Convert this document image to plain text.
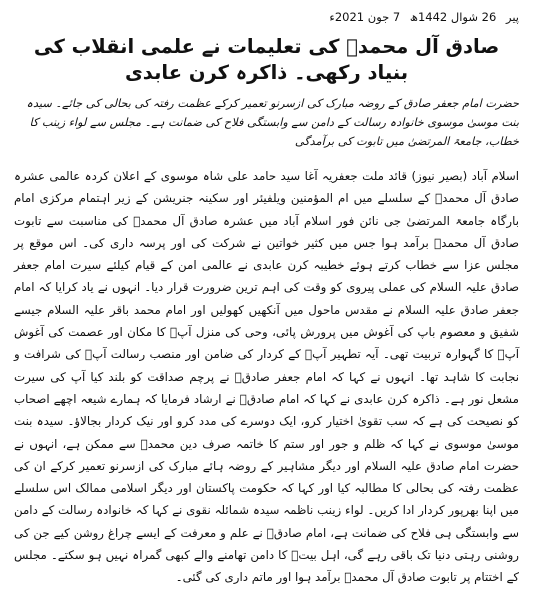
پیر 26 شوال 1442ھ 7 جون 2021ء
صادق آل محمدؐ کی تعلیمات نے علمی انقلاب کی بنیاد رکھی۔ ذاکرہ کرن عابدی
حضرت امام جعفر صادق کے روضہ مبارک کی ازسرنو تعمیر کرکے عظمت رفتہ کی بحالی کی جائے۔ سیدہ بنت موسیٰ موسوی خانوادہ رسالت کے دامن سے وابستگی فلاح کی ضمانت ہے۔ مجلس سے لواء زینب کا خطاب، جامعۃ المرتضیٰ میں تابوت کی برآمدگی

اسلام آباد (بصیر نیوز) قائد ملت جعفریہ آغا سید حامد علی شاہ موسوی کے اعلان کردہ عالمی عشرہ صادق آل محمدؐ کے سلسلے میں ام المؤمنین ویلفیئر اور سکینہ جنریشن کے زیر اہتمام مرکزی امام بارگاہ جامعۃ المرتضیٰ جی نائن فور اسلام آباد میں عشرہ صادق آل محمدؐ کی مناسبت سے تابوت صادق آل محمدؐ برآمد ہوا جس میں کثیر خواتین نے شرکت کی اور پرسہ داری کی۔ اس موقع پر مجلس عزا سے خطاب کرتے ہوئے خطیبہ کرن عابدی نے عالمی امن کے قیام کیلئے سیرت امام جعفر صادق علیہ السلام کی عملی پیروی کو وقت کی اہم ترین ضرورت قرار دیا۔ انہوں نے یاد کرایا کہ امام جعفر صادق علیہ السلام نے مقدس ماحول میں آنکھیں کھولیں اور امام محمد باقر علیہ السلام جیسے شفیق و معصوم باپ کی آغوش میں پرورش پائی، وحی کی منزل آپؑ کا مکان اور عصمت کی آغوش آپؑ کا گہوارہ تربیت تھی۔ آیہ تطہیر آپؑ کے کردار کی ضامن اور منصب رسالت آپؑ کی شرافت و نجابت کا شاہد تھا۔ انہوں نے کہا کہ امام جعفر صادقؑ نے پرچم صداقت کو بلند کیا آپ کی سیرت مشعل نور ہے۔ ذاکرہ کرن عابدی نے کہا کہ امام صادقؑ نے ارشاد فرمایا کہ ہمارے شیعہ اچھے اصحاب کو نصیحت کی ہے کہ سب تقویٰ اختیار کرو، ایک دوسرے کی مدد کرو اور نیک کردار بجالاؤ۔ سیدہ بنت موسیٰ موسوی نے کہا کہ ظلم و جور اور ستم کا خاتمہ صرف دین محمدؐ سے ممکن ہے، انہوں نے حضرت امام صادق علیہ السلام اور دیگر مشاہیر کے روضہ ہائے مبارک کی ازسرنو تعمیر کرکے ان کی عظمت رفتہ کی بحالی کا مطالبہ کیا اور کہا کہ حکومت پاکستان اور دیگر اسلامی ممالک اس سلسلے میں اپنا بھرپور کردار ادا کریں۔ لواء زینب ناظمہ سیدہ شمائلہ نقوی نے کہا کہ خانوادہ رسالت کے دامن سے وابستگی ہی فلاح کی ضمانت ہے، امام صادقؑ نے علم و معرفت کے ایسے چراغ روشن کیے جن کی روشنی رہتی دنیا تک باقی رہے گی، اہل بیتؑ کا دامن تھامنے والے کبھی گمراہ نہیں ہو سکتے۔ مجلس کے اختتام پر تابوت صادق آل محمدؐ برآمد ہوا اور ماتم داری کی گئی۔
